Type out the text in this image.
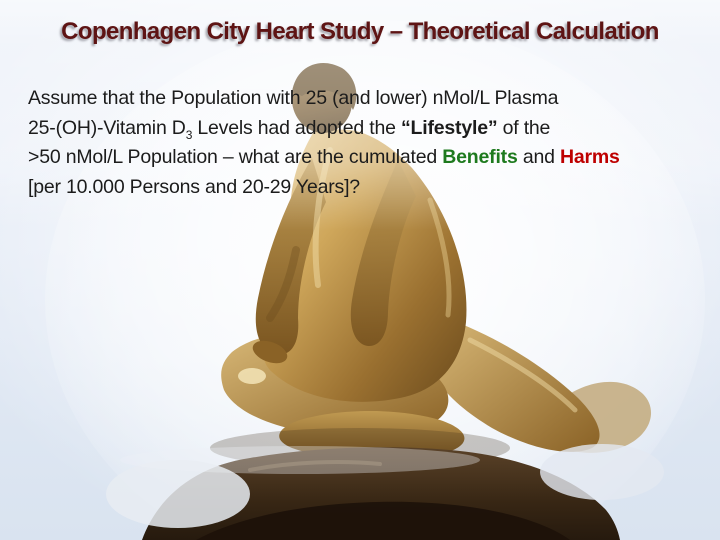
Copenhagen City Heart Study – Theoretical Calculation

Assume that the Population with 25 (and lower) nMol/L Plasma

25-(OH)-Vitamin $D_3$ Levels had adopted the “Lifestyle” of the

>50 nMol/L Population – what are the cumulated Benefits and Harms

[per 10.000 Persons and 20-29 Years]?
